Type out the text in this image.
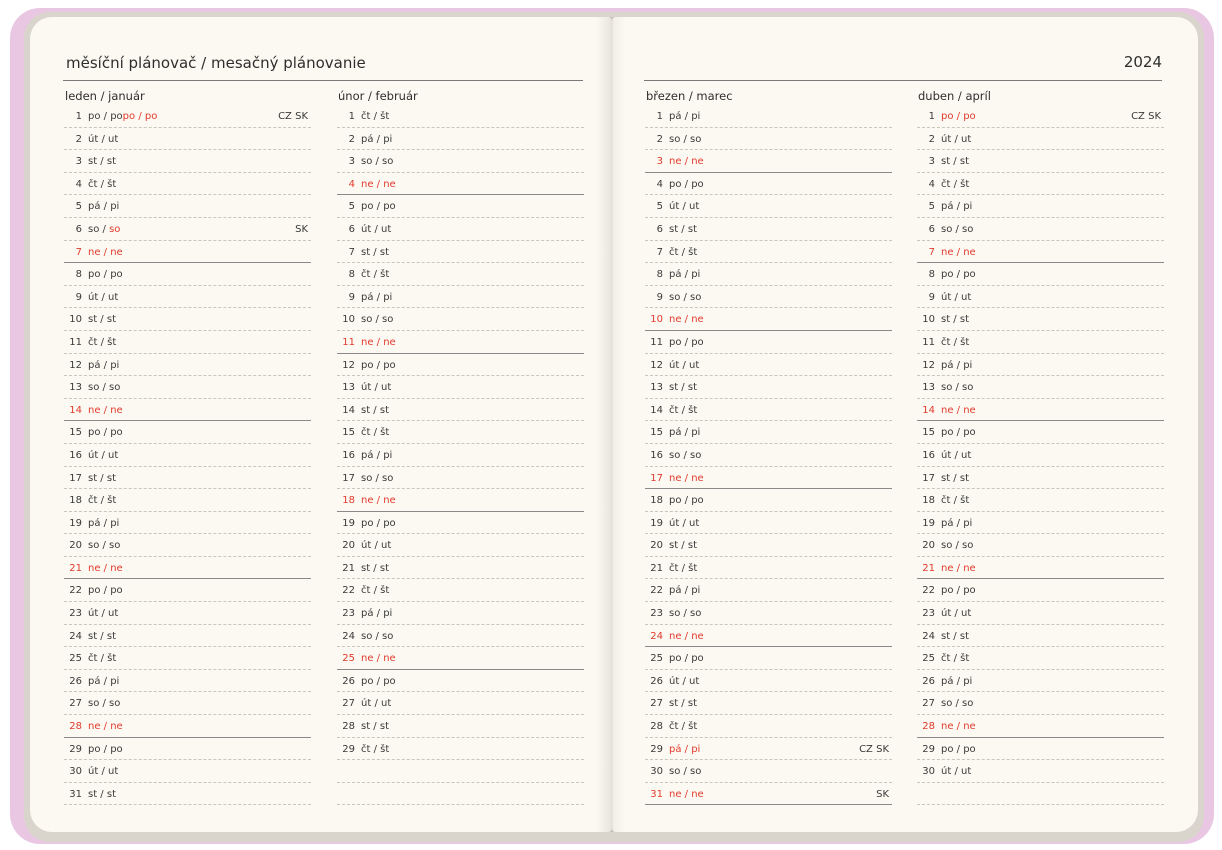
měsíční plánovač / mesačný plánovanie	2024
leden / január
1 po / popo / po	CZ SK
2 út / ut
3 st / st
4 čt / št
5 pá / pi
6 so / so	SK
7 ne / ne
8 po / po
9 út / ut
10 st / st
11 čt / št
12 pá / pi
13 so / so
14 ne / ne
15 po / po
16 út / ut
17 st / st
18 čt / št
19 pá / pi
20 so / so
21 ne / ne
22 po / po
23 út / ut
24 st / st
25 čt / št
26 pá / pi
27 so / so
28 ne / ne
29 po / po
30 út / ut
31 st / st
únor / február
1 čt / št
2 pá / pi
3 so / so
4 ne / ne
5 po / po
6 út / ut
7 st / st
8 čt / št
9 pá / pi
10 so / so
11 ne / ne
12 po / po
13 út / ut
14 st / st
15 čt / št
16 pá / pi
17 so / so
18 ne / ne
19 po / po
20 út / ut
21 st / st
22 čt / št
23 pá / pi
24 so / so
25 ne / ne
26 po / po
27 út / ut
28 st / st
29 čt / št
březen / marec
1 pá / pi
2 so / so
3 ne / ne
4 po / po
5 út / ut
6 st / st
7 čt / št
8 pá / pi
9 so / so
10 ne / ne
11 po / po
12 út / ut
13 st / st
14 čt / št
15 pá / pi
16 so / so
17 ne / ne
18 po / po
19 út / ut
20 st / st
21 čt / št
22 pá / pi
23 so / so
24 ne / ne
25 po / po
26 út / ut
27 st / st
28 čt / št
29 pá / pi	CZ SK
30 so / so
31 ne / ne	SK
duben / apríl
1 po / po	CZ SK
2 út / ut
3 st / st
4 čt / št
5 pá / pi
6 so / so
7 ne / ne
8 po / po
9 út / ut
10 st / st
11 čt / št
12 pá / pi
13 so / so
14 ne / ne
15 po / po
16 út / ut
17 st / st
18 čt / št
19 pá / pi
20 so / so
21 ne / ne
22 po / po
23 út / ut
24 st / st
25 čt / št
26 pá / pi
27 so / so
28 ne / ne
29 po / po
30 út / ut
